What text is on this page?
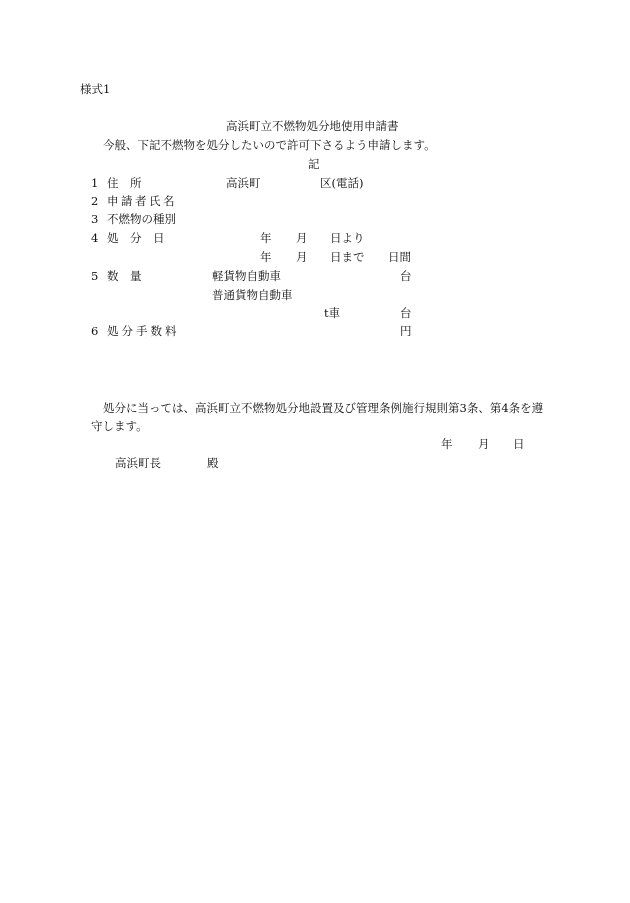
様式1
高浜町立不燃物処分地使用申請書
今般、下記不燃物を処分したいので許可下さるよう申請します。
記
1 住　所	高浜町	区(電話)
2 申請者氏名
3 不燃物の種別
4 処　分　日	年 月 日より
年 月 日まで 日間
5 数　量	軽貨物自動車	台
普通貨物自動車
t車	台
6 処分手数料	円
処分に当っては、高浜町立不燃物処分地設置及び管理条例施行規則第3条、第4条を遵
守します。
年 月 日
高浜町長	殿
